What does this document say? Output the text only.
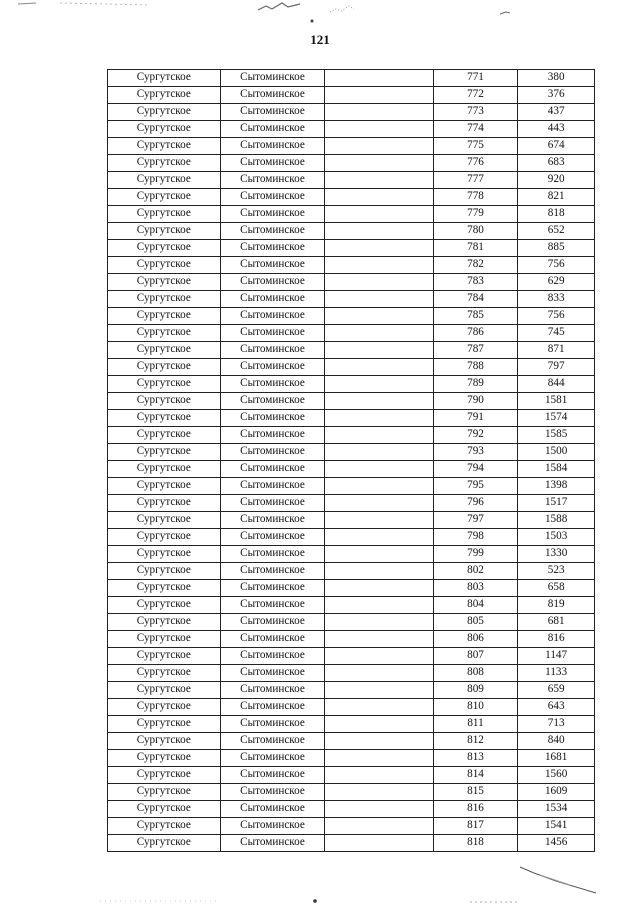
121
Сургутское	Сытоминское		771	380
Сургутское	Сытоминское		772	376
Сургутское	Сытоминское		773	437
Сургутское	Сытоминское		774	443
Сургутское	Сытоминское		775	674
Сургутское	Сытоминское		776	683
Сургутское	Сытоминское		777	920
Сургутское	Сытоминское		778	821
Сургутское	Сытоминское		779	818
Сургутское	Сытоминское		780	652
Сургутское	Сытоминское		781	885
Сургутское	Сытоминское		782	756
Сургутское	Сытоминское		783	629
Сургутское	Сытоминское		784	833
Сургутское	Сытоминское		785	756
Сургутское	Сытоминское		786	745
Сургутское	Сытоминское		787	871
Сургутское	Сытоминское		788	797
Сургутское	Сытоминское		789	844
Сургутское	Сытоминское		790	1581
Сургутское	Сытоминское		791	1574
Сургутское	Сытоминское		792	1585
Сургутское	Сытоминское		793	1500
Сургутское	Сытоминское		794	1584
Сургутское	Сытоминское		795	1398
Сургутское	Сытоминское		796	1517
Сургутское	Сытоминское		797	1588
Сургутское	Сытоминское		798	1503
Сургутское	Сытоминское		799	1330
Сургутское	Сытоминское		802	523
Сургутское	Сытоминское		803	658
Сургутское	Сытоминское		804	819
Сургутское	Сытоминское		805	681
Сургутское	Сытоминское		806	816
Сургутское	Сытоминское		807	1147
Сургутское	Сытоминское		808	1133
Сургутское	Сытоминское		809	659
Сургутское	Сытоминское		810	643
Сургутское	Сытоминское		811	713
Сургутское	Сытоминское		812	840
Сургутское	Сытоминское		813	1681
Сургутское	Сытоминское		814	1560
Сургутское	Сытоминское		815	1609
Сургутское	Сытоминское		816	1534
Сургутское	Сытоминское		817	1541
Сургутское	Сытоминское		818	1456
